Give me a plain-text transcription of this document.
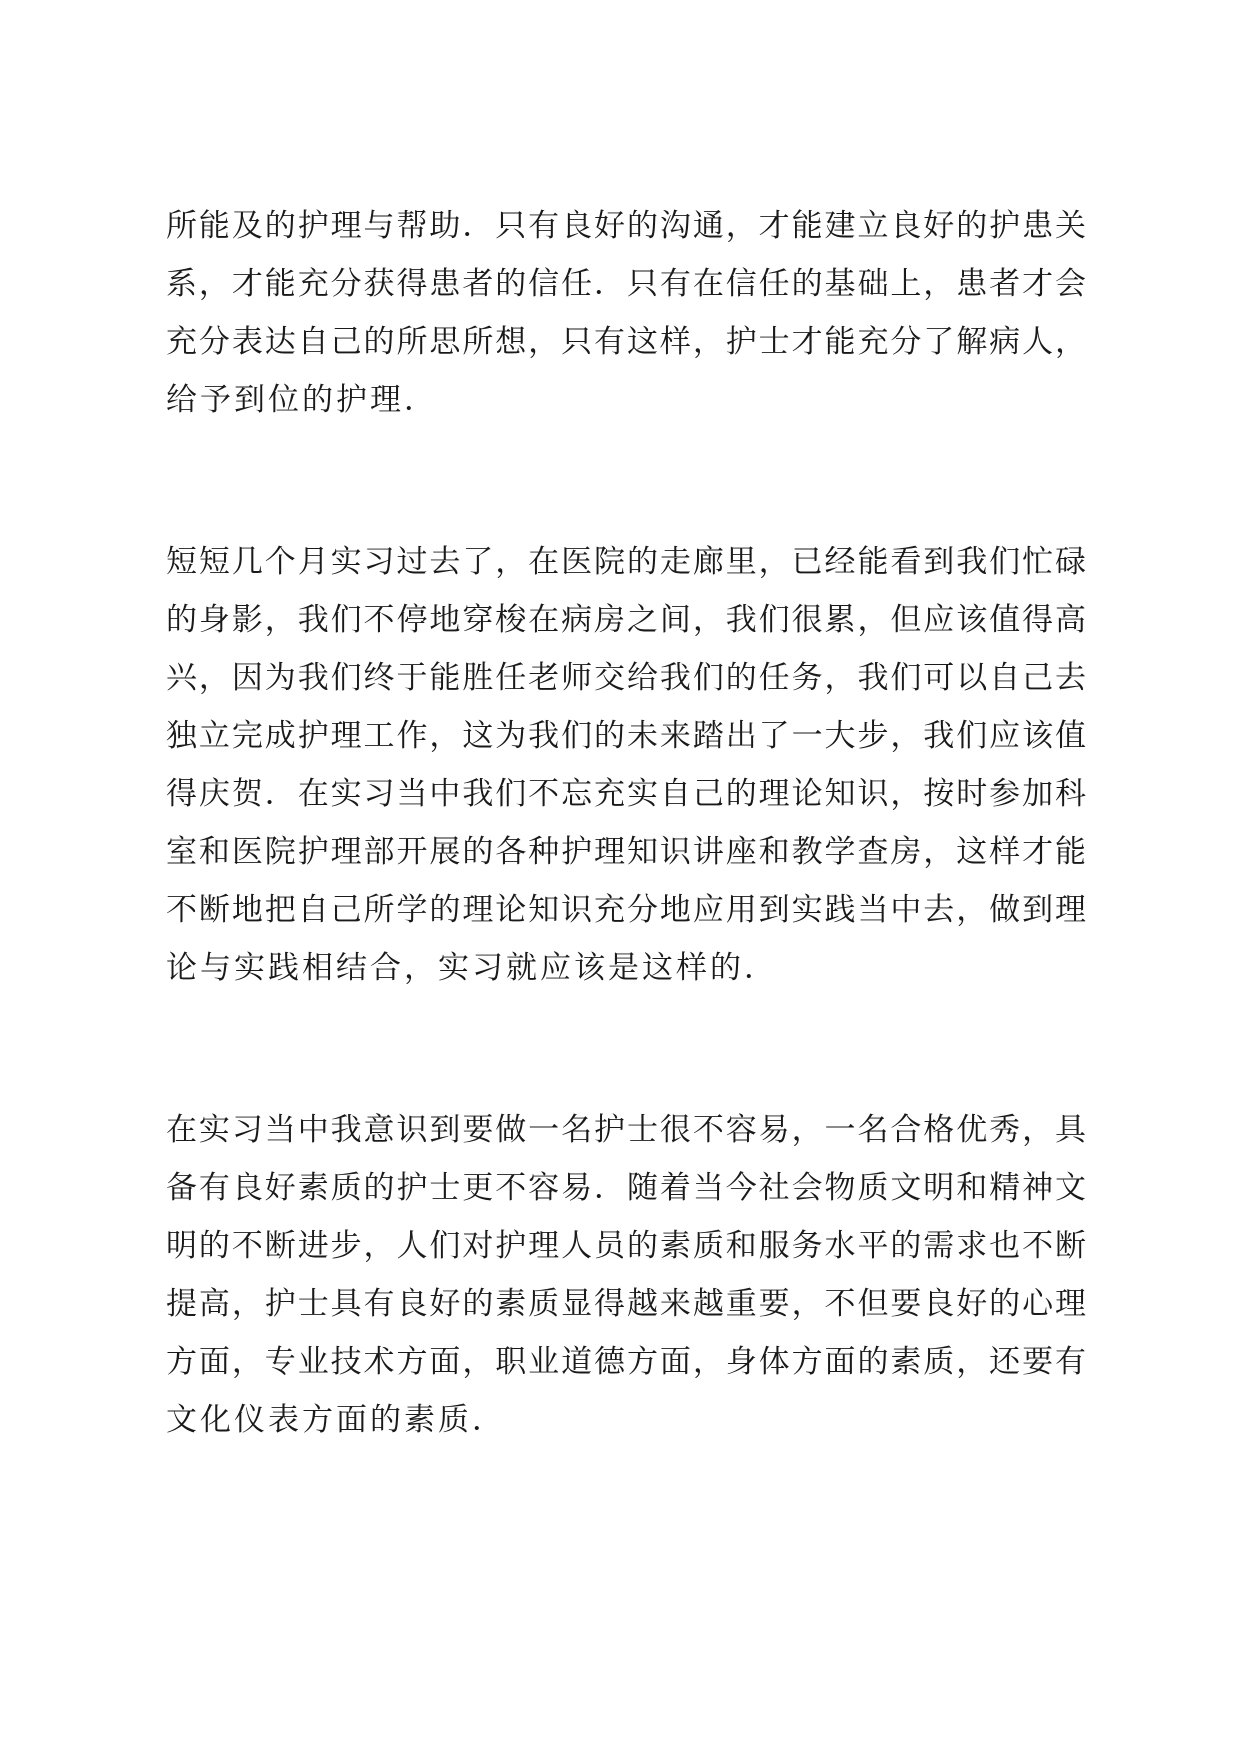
所能及的护理与帮助．只有良好的沟通，才能建立良好的护患关
系，才能充分获得患者的信任．只有在信任的基础上，患者才会
充分表达自己的所思所想，只有这样，护士才能充分了解病人，
给予到位的护理．
短短几个月实习过去了，在医院的走廊里，已经能看到我们忙碌
的身影，我们不停地穿梭在病房之间，我们很累，但应该值得高
兴，因为我们终于能胜任老师交给我们的任务，我们可以自己去
独立完成护理工作，这为我们的未来踏出了一大步，我们应该值
得庆贺．在实习当中我们不忘充实自己的理论知识，按时参加科
室和医院护理部开展的各种护理知识讲座和教学查房，这样才能
不断地把自己所学的理论知识充分地应用到实践当中去，做到理
论与实践相结合，实习就应该是这样的．
在实习当中我意识到要做一名护士很不容易，一名合格优秀，具
备有良好素质的护士更不容易．随着当今社会物质文明和精神文
明的不断进步，人们对护理人员的素质和服务水平的需求也不断
提高，护士具有良好的素质显得越来越重要，不但要良好的心理
方面，专业技术方面，职业道德方面，身体方面的素质，还要有
文化仪表方面的素质．
